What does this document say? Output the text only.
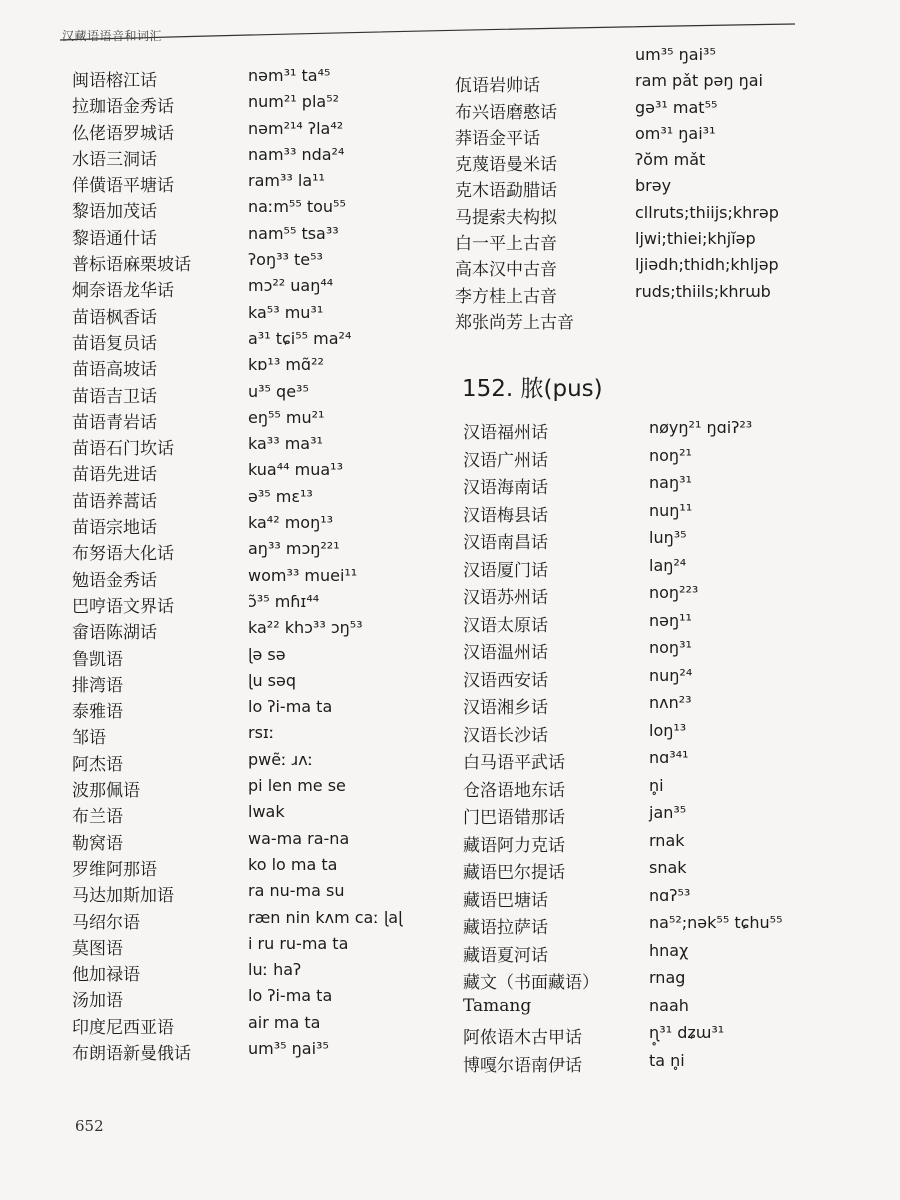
汉藏语语音和词汇
闽语榕江话	nəm³¹ ta⁴⁵
拉珈语金秀话	num²¹ pla⁵²
仫佬语罗城话	nəm²¹⁴ ʔla⁴²
水语三洞话	nam³³ nda²⁴
佯僙语平塘话	ram³³ la¹¹
黎语加茂话	naːm⁵⁵ tou⁵⁵
黎语通什话	nam⁵⁵ tsa³³
普标语麻栗坡话	ʔoŋ³³ te⁵³
炯奈语龙华话	mɔ²² uaŋ⁴⁴
苗语枫香话	ka⁵³ mu³¹
苗语复员话	a³¹ tɕi⁵⁵ ma²⁴
苗语高坡话	kɒ¹³ mɑ̃²²
苗语吉卫话	u³⁵ qe³⁵
苗语青岩话	eŋ⁵⁵ mu²¹
苗语石门坎话	ka³³ ma³¹
苗语先进话	kua⁴⁴ mua¹³
苗语养蒿话	ə³⁵ mɛ¹³
苗语宗地话	ka⁴² moŋ¹³
布努语大化话	aŋ³³ mɔŋ²²¹
勉语金秀话	wom³³ muei¹¹
巴哼语文界话	ɔ̃³⁵ mɦɪ⁴⁴
畲语陈湖话	ka²² khɔ³³ ɔŋ⁵³
鲁凯语	ɭə sə
排湾语	ɭu səq
泰雅语	lo ʔi-ma ta
邹语	rsɪː
阿杰语	pwẽː ɹʌː
波那佩语	pi len me se
布兰语	lwak
勒窝语	wa-ma ra-na
罗维阿那语	ko lo ma ta
马达加斯加语	ra nu-ma su
马绍尔语	ræn nin kʌm caː ɭaɭ
莫图语	i ru ru-ma ta
他加禄语	luː haʔ
汤加语	lo ʔi-ma ta
印度尼西亚语	air ma ta
布朗语新曼俄话	um³⁵ ŋai³⁵
um³⁵ ŋai³⁵
佤语岩帅话	ram pǎt pəŋ ŋai
布兴语磨憨话	gə³¹ mat⁵⁵
莽语金平话	om³¹ ŋai³¹
克蔑语曼米话	ʔŏm mǎt
克木语勐腊话	brəy
马提索夫构拟	cllruts;thiijs;khrəp
白一平上古音	ljwi;thiei;khjĭəp
高本汉中古音	ljiədh;thidh;khljəp
李方桂上古音	ruds;thiils;khrɯb
郑张尚芳上古音
152. 脓(pus)
汉语福州话	nøyŋ²¹ ŋɑiʔ²³
汉语广州话	noŋ²¹
汉语海南话	naŋ³¹
汉语梅县话	nuŋ¹¹
汉语南昌话	luŋ³⁵
汉语厦门话	laŋ²⁴
汉语苏州话	noŋ²²³
汉语太原话	nəŋ¹¹
汉语温州话	noŋ³¹
汉语西安话	nuŋ²⁴
汉语湘乡话	nʌn²³
汉语长沙话	loŋ¹³
白马语平武话	nɑ³⁴¹
仓洛语地东话	n̥i
门巴语错那话	jan³⁵
藏语阿力克话	rnak
藏语巴尔提话	snak
藏语巴塘话	nɑʔ⁵³
藏语拉萨话	na⁵²;nək⁵⁵ tɕhu⁵⁵
藏语夏河话	hnaχ
藏文（书面藏语）	rnag
Tamang	naah
阿侬语木古甲话	ɳ̥³¹ dʑɯ³¹
博嘎尔语南伊话	ta n̥i
652
